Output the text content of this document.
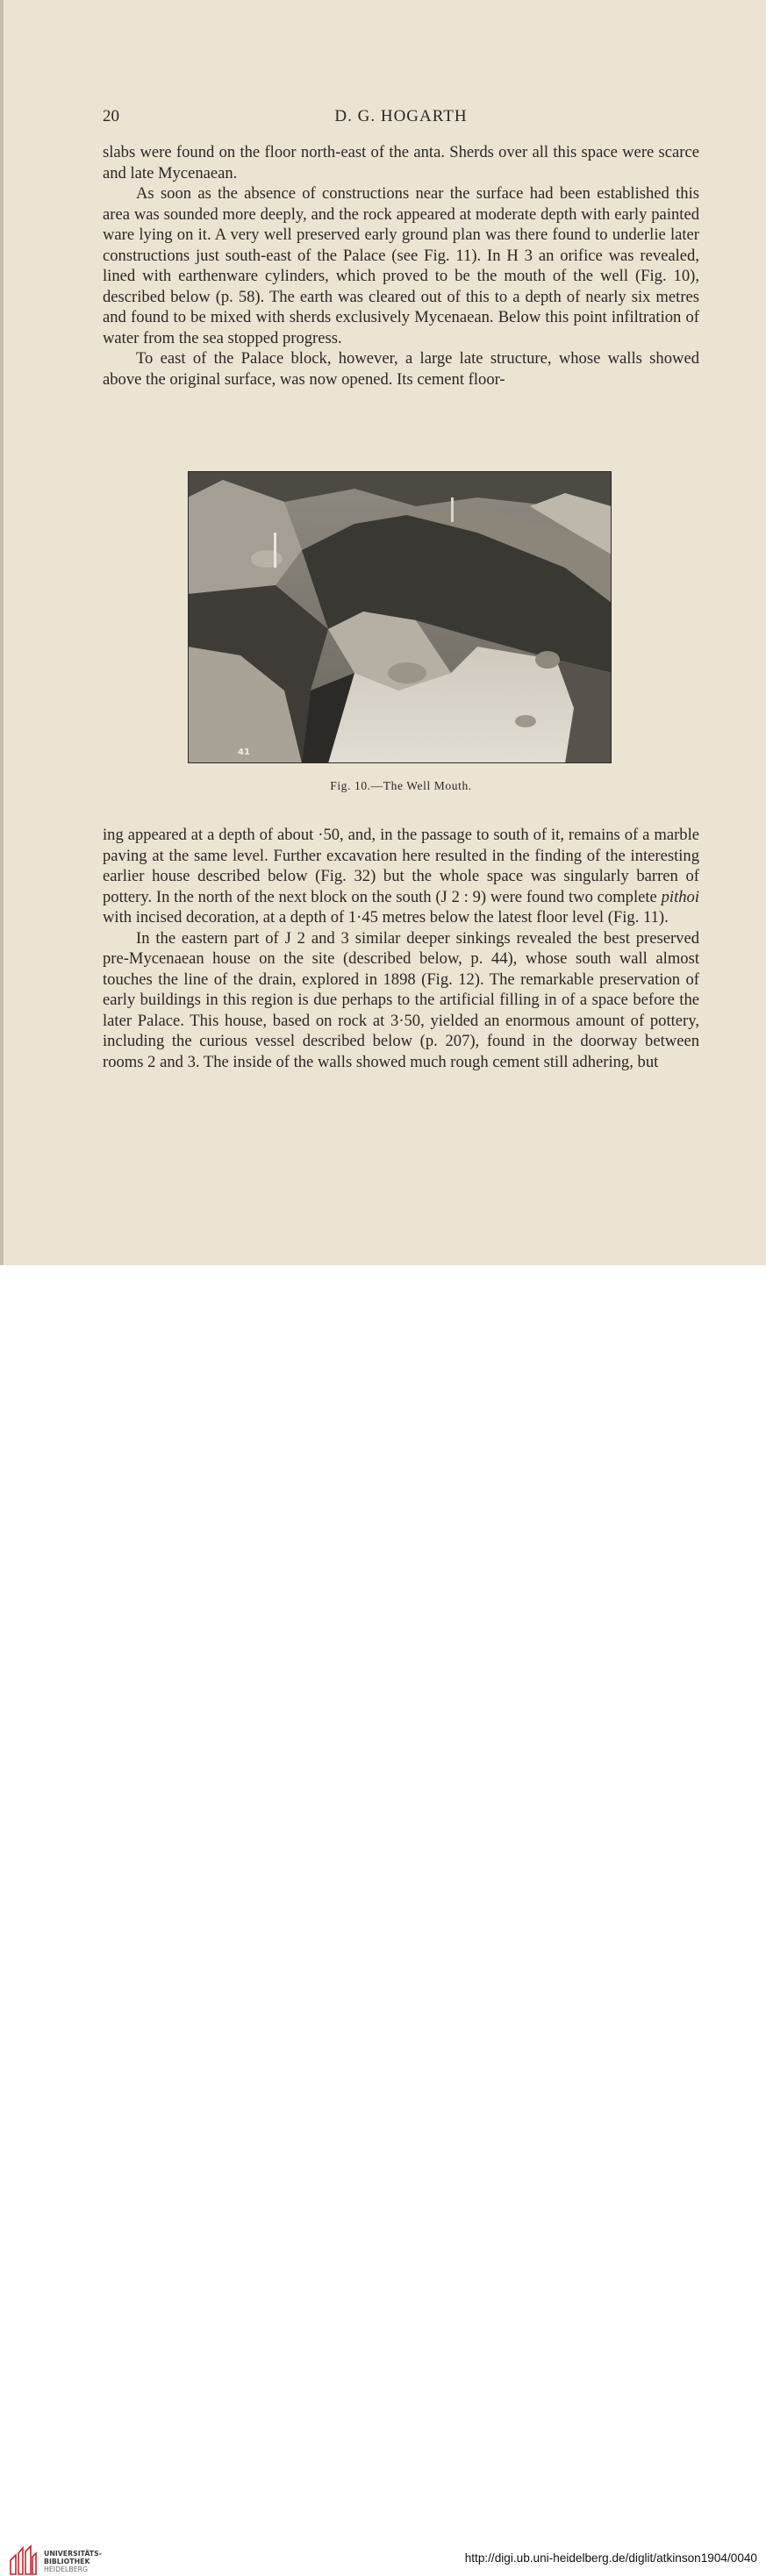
20	D. G. HOGARTH

slabs were found on the floor north-east of the anta. Sherds over all this space were scarce and late Mycenaean.

As soon as the absence of constructions near the surface had been established this area was sounded more deeply, and the rock appeared at moderate depth with early painted ware lying on it. A very well preserved early ground plan was there found to underlie later constructions just south-east of the Palace (see Fig. 11). In H 3 an orifice was revealed, lined with earthenware cylinders, which proved to be the mouth of the well (Fig. 10), described below (p. 58). The earth was cleared out of this to a depth of nearly six metres and found to be mixed with sherds exclusively Mycenaean. Below this point infiltration of water from the sea stopped progress.

To east of the Palace block, however, a large late structure, whose walls showed above the original surface, was now opened. Its cement floor-

41
Fig. 10.—The Well Mouth.

ing appeared at a depth of about ·50, and, in the passage to south of it, remains of a marble paving at the same level. Further excavation here resulted in the finding of the interesting earlier house described below (Fig. 32) but the whole space was singularly barren of pottery. In the north of the next block on the south (J 2 : 9) were found two complete pithoi with incised decoration, at a depth of 1·45 metres below the latest floor level (Fig. 11).

In the eastern part of J 2 and 3 similar deeper sinkings revealed the best preserved pre-Mycenaean house on the site (described below, p. 44), whose south wall almost touches the line of the drain, explored in 1898 (Fig. 12). The remarkable preservation of early buildings in this region is due perhaps to the artificial filling in of a space before the later Palace. This house, based on rock at 3·50, yielded an enormous amount of pottery, including the curious vessel described below (p. 207), found in the doorway between rooms 2 and 3. The inside of the walls showed much rough cement still adhering, but

UNIVERSITÄTS-
BIBLIOTHEK
HEIDELBERG
http://digi.ub.uni-heidelberg.de/diglit/atkinson1904/0040
